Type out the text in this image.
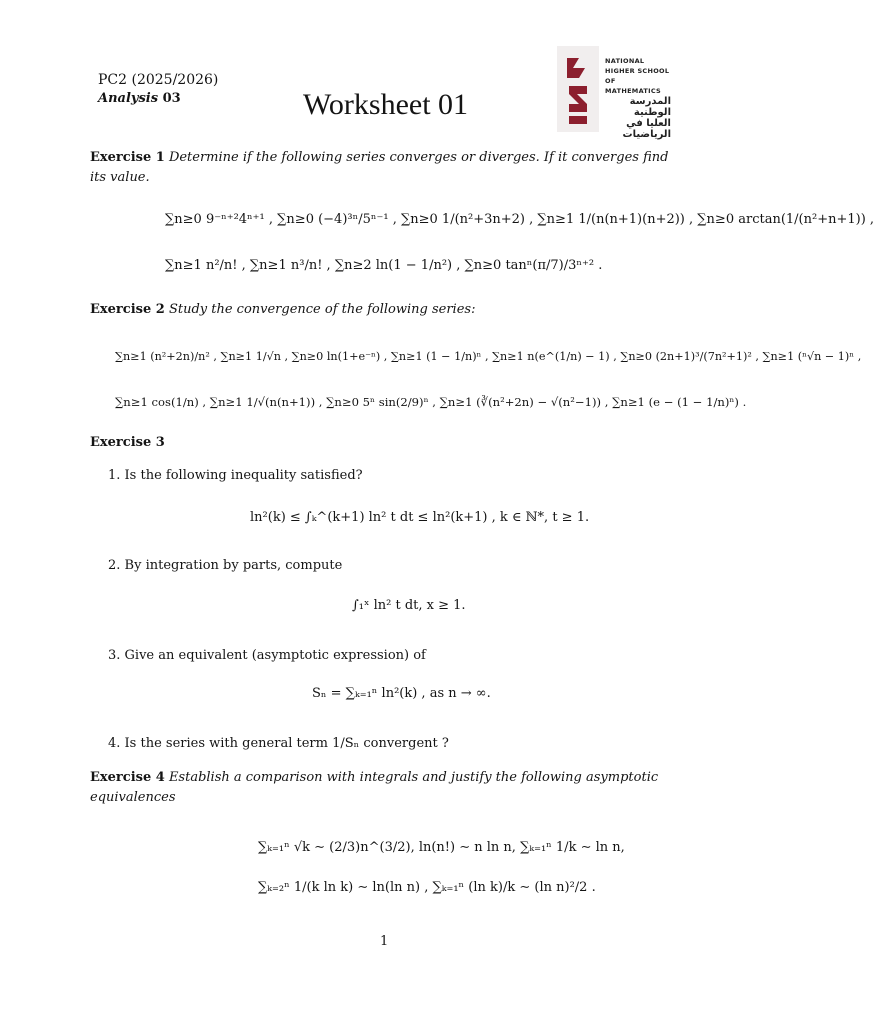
PC2 (2025/2026)
Analysis 03	Worksheet 01
NATIONAL HIGHER SCHOOL
OF MATHEMATICS
المدرسة الوطنية
العليا في الرياضيات
Exercise 1 Determine if the following series converges or diverges. If it converges find its value.
∑n≥0 9⁻ⁿ⁺²4ⁿ⁺¹ , ∑n≥0 (−4)³ⁿ/5ⁿ⁻¹ , ∑n≥0 1/(n²+3n+2) , ∑n≥1 1/(n(n+1)(n+2)) , ∑n≥0 arctan(1/(n²+n+1)) ,
∑n≥1 n²/n! , ∑n≥1 n³/n! , ∑n≥2 ln(1 − 1/n²) , ∑n≥0 tanⁿ(π/7)/3ⁿ⁺² .
Exercise 2 Study the convergence of the following series:
∑n≥1 (n²+2n)/n² , ∑n≥1 1/√n , ∑n≥0 ln(1+e⁻ⁿ) , ∑n≥1 (1 − 1/n)ⁿ , ∑n≥1 n(e^(1/n) − 1) , ∑n≥0 (2n+1)³/(7n²+1)² , ∑n≥1 (ⁿ√n − 1)ⁿ ,
∑n≥1 cos(1/n) , ∑n≥1 1/√(n(n+1)) , ∑n≥0 5ⁿ sin(2/9)ⁿ , ∑n≥1 (∛(n²+2n) − √(n²−1)) , ∑n≥1 (e − (1 − 1/n)ⁿ) .
Exercise 3
1. Is the following inequality satisfied?
ln²(k) ≤ ∫ₖ^(k+1) ln² t dt ≤ ln²(k+1) , k ∈ ℕ*, t ≥ 1.
2. By integration by parts, compute
∫₁ˣ ln² t dt, x ≥ 1.
3. Give an equivalent (asymptotic expression) of
Sₙ = ∑ₖ₌₁ⁿ ln²(k) , as n → ∞.
4. Is the series with general term 1/Sₙ convergent ?
Exercise 4 Establish a comparison with integrals and justify the following asymptotic equivalences
∑ₖ₌₁ⁿ √k ∼ (2/3)n^(3/2), ln(n!) ∼ n ln n, ∑ₖ₌₁ⁿ 1/k ∼ ln n,
∑ₖ₌₂ⁿ 1/(k ln k) ∼ ln(ln n) , ∑ₖ₌₁ⁿ (ln k)/k ∼ (ln n)²/2 .
1
